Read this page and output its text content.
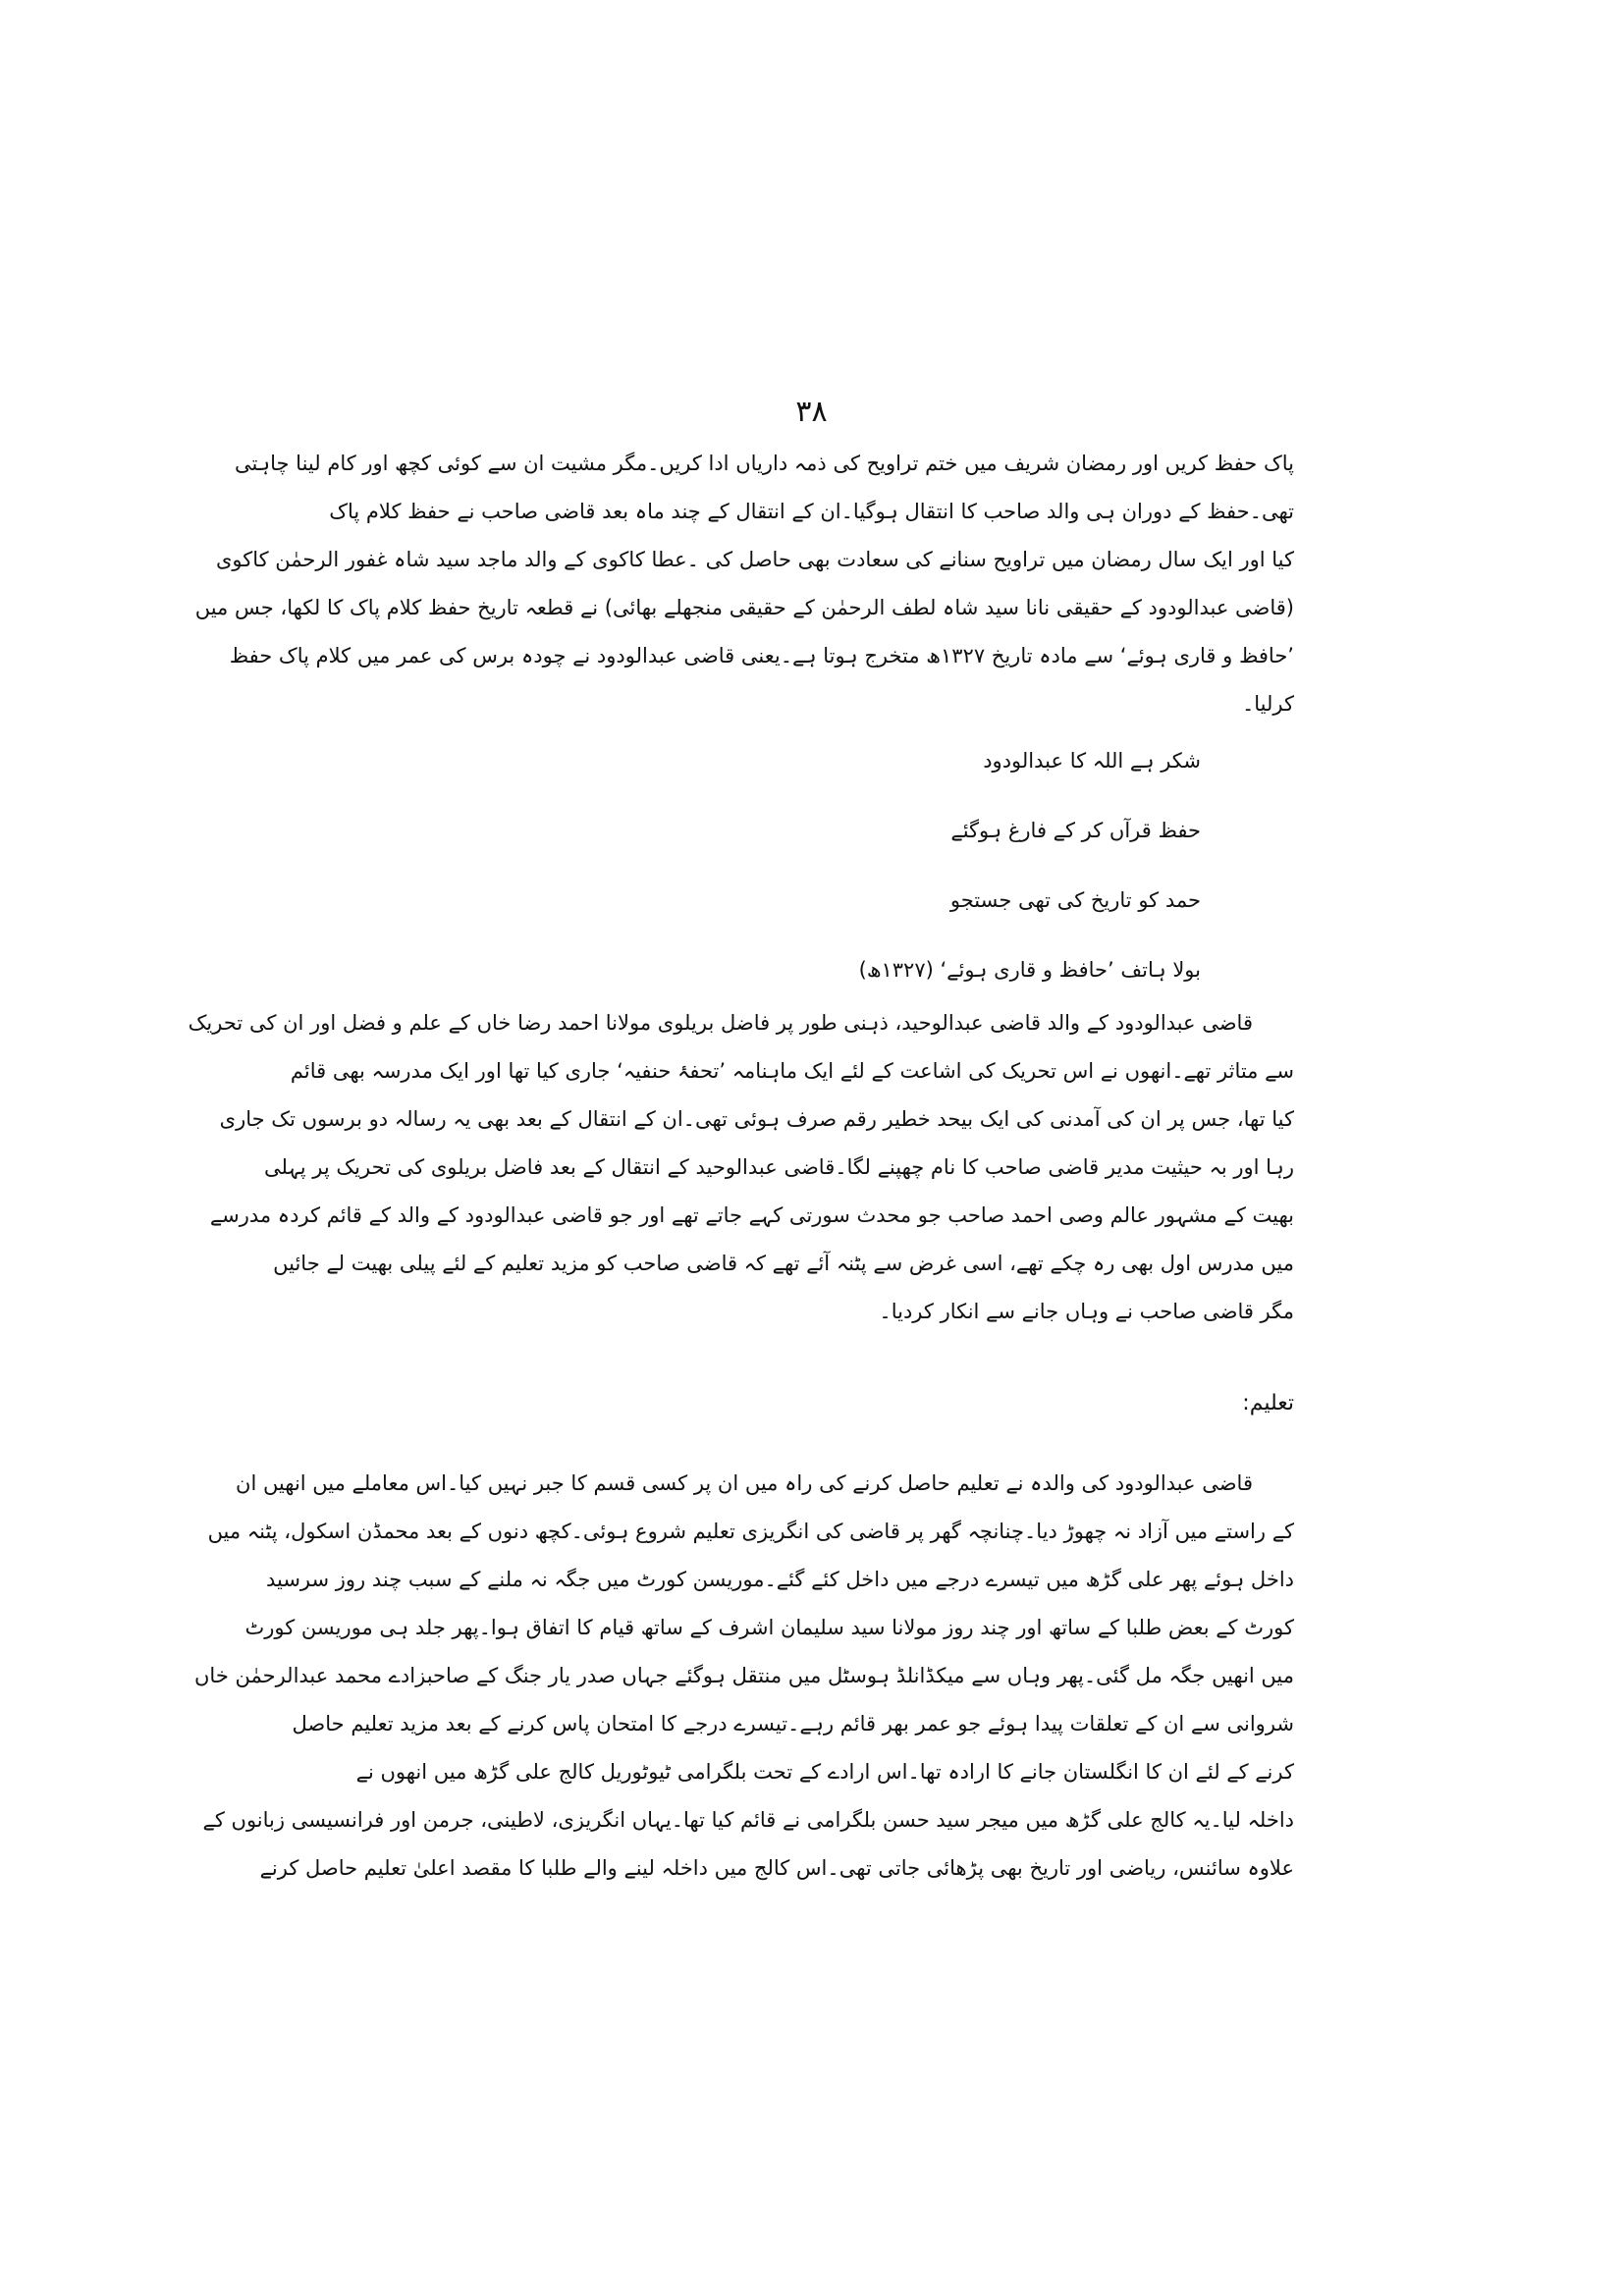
۳۸
پاک حفظ کریں اور رمضان شریف میں ختم تراویح کی ذمہ داریاں ادا کریں۔مگر مشیت ان سے کوئی کچھ اور کام لینا چاہتی
تھی۔حفظ کے دوران ہی والد صاحب کا انتقال ہوگیا۔ان کے انتقال کے چند ماہ بعد قاضی صاحب نے حفظ کلام پاک
کیا اور ایک سال رمضان میں تراویح سنانے کی سعادت بھی حاصل کی ۔عطا کاکوی کے والد ماجد سید شاہ غفور الرحمٰن کاکوی
(قاضی عبدالودود کے حقیقی نانا سید شاہ لطف الرحمٰن کے حقیقی منجھلے بھائی) نے قطعہ تاریخ حفظ کلام پاک کا لکھا، جس میں
’حافظ و قاری ہوئے‘ سے مادہ تاریخ ۱۳۲۷ھ متخرج ہوتا ہے۔یعنی قاضی عبدالودود نے چودہ برس کی عمر میں کلام پاک حفظ
کرلیا۔
شکر ہے اللہ کا عبدالودود
حفظ قرآں کر کے فارغ ہوگئے
حمد کو تاریخ کی تھی جستجو
بولا ہاتف ’حافظ و قاری ہوئے‘ (۱۳۲۷ھ)
قاضی عبدالودود کے والد قاضی عبدالوحید، ذہنی طور پر فاضل بریلوی مولانا احمد رضا خاں کے علم و فضل اور ان کی تحریک
سے متاثر تھے۔انھوں نے اس تحریک کی اشاعت کے لئے ایک ماہنامہ ’تحفۂ حنفیہ‘ جاری کیا تھا اور ایک مدرسہ بھی قائم
کیا تھا، جس پر ان کی آمدنی کی ایک بیحد خطیر رقم صرف ہوئی تھی۔ان کے انتقال کے بعد بھی یہ رسالہ دو برسوں تک جاری
رہا اور بہ حیثیت مدیر قاضی صاحب کا نام چھپنے لگا۔قاضی عبدالوحید کے انتقال کے بعد فاضل بریلوی کی تحریک پر پہلی
بھیت کے مشہور عالم وصی احمد صاحب جو محدث سورتی کہے جاتے تھے اور جو قاضی عبدالودود کے والد کے قائم کردہ مدرسے
میں مدرس اول بھی رہ چکے تھے، اسی غرض سے پٹنہ آئے تھے کہ قاضی صاحب کو مزید تعلیم کے لئے پیلی بھیت لے جائیں
مگر قاضی صاحب نے وہاں جانے سے انکار کردیا۔
تعلیم:
قاضی عبدالودود کی والدہ نے تعلیم حاصل کرنے کی راہ میں ان پر کسی قسم کا جبر نہیں کیا۔اس معاملے میں انھیں ان
کے راستے میں آزاد نہ چھوڑ دیا۔چنانچہ گھر پر قاضی کی انگریزی تعلیم شروع ہوئی۔کچھ دنوں کے بعد محمڈن اسکول، پٹنہ میں
داخل ہوئے پھر علی گڑھ میں تیسرے درجے میں داخل کئے گئے۔موریسن کورٹ میں جگہ نہ ملنے کے سبب چند روز سرسید
کورٹ کے بعض طلبا کے ساتھ اور چند روز مولانا سید سلیمان اشرف کے ساتھ قیام کا اتفاق ہوا۔پھر جلد ہی موریسن کورٹ
میں انھیں جگہ مل گئی۔پھر وہاں سے میکڈانلڈ ہوسٹل میں منتقل ہوگئے جہاں صدر یار جنگ کے صاحبزادے محمد عبدالرحمٰن خاں
شروانی سے ان کے تعلقات پیدا ہوئے جو عمر بھر قائم رہے۔تیسرے درجے کا امتحان پاس کرنے کے بعد مزید تعلیم حاصل
کرنے کے لئے ان کا انگلستان جانے کا ارادہ تھا۔اس ارادے کے تحت بلگرامی ٹیوٹوریل کالج علی گڑھ میں انھوں نے
داخلہ لیا۔یہ کالج علی گڑھ میں میجر سید حسن بلگرامی نے قائم کیا تھا۔یہاں انگریزی، لاطینی، جرمن اور فرانسیسی زبانوں کے
علاوہ سائنس، ریاضی اور تاریخ بھی پڑھائی جاتی تھی۔اس کالج میں داخلہ لینے والے طلبا کا مقصد اعلیٰ تعلیم حاصل کرنے
